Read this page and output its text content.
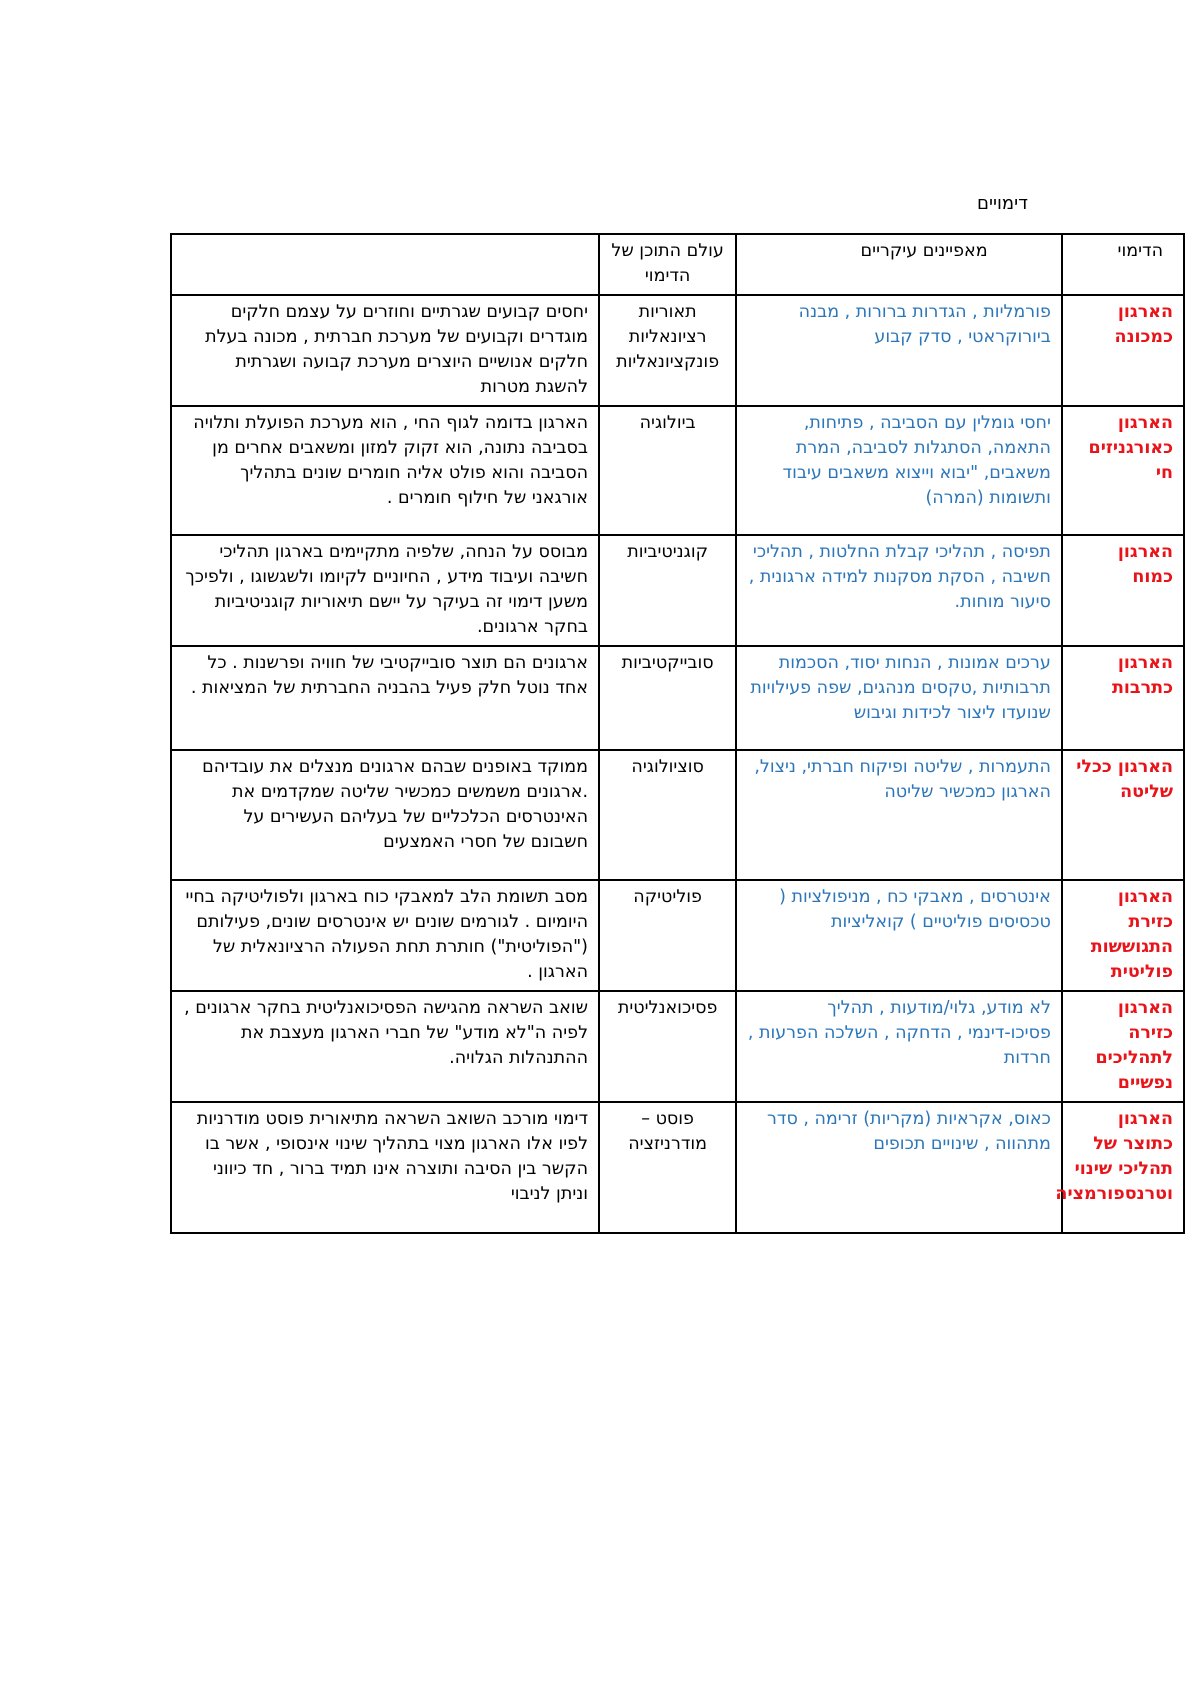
דימויים
הדימוי	מאפיינים עיקריים	עולם התוכן של הדימוי	
הארגון כמכונה	פורמליות , הגדרות ברורות , מבנה ביורוקראטי , סדק קבוע	תאוריות רציונאליות פונקציונאליות	יחסים קבועים שגרתיים וחוזרים על עצמם חלקים מוגדרים וקבועים של מערכת חברתית , מכונה בעלת חלקים אנושיים היוצרים מערכת קבועה ושגרתית להשגת מטרות
הארגון כאורגניזים חי	יחסי גומלין עם הסביבה , פתיחות, התאמה, הסתגלות לסביבה, המרת משאבים, "יבוא וייצוא משאבים עיבוד ותשומות (המרה)	ביולוגיה	הארגון בדומה לגוף החי , הוא מערכת הפועלת ותלויה בסביבה נתונה, הוא זקוק למזון ומשאבים אחרים מן הסביבה והוא פולט אליה חומרים שונים בתהליך אורגאני של חילוף חומרים .
הארגון כמוח	תפיסה , תהליכי קבלת החלטות , תהליכי חשיבה , הסקת מסקנות למידה ארגונית , סיעור מוחות.	קוגניטיביות	מבוסס על הנחה, שלפיה מתקיימים בארגון תהליכי חשיבה ועיבוד מידע , החיוניים לקיומו ולשגשוגו , ולפיכך משען דימוי זה בעיקר על יישם תיאוריות קוגניטיביות בחקר ארגונים.
הארגון כתרבות	ערכים אמונות , הנחות יסוד, הסכמות תרבותיות ,טקסים מנהגים, שפה פעילויות שנועדו ליצור לכידות וגיבוש	סובייקטיביות	ארגונים הם תוצר סובייקטיבי של חוויה ופרשנות . כל אחד נוטל חלק פעיל בהבניה החברתית של המציאות .
הארגון ככלי שליטה	התעמרות , שליטה ופיקוח חברתי, ניצול, הארגון כמכשיר שליטה	סוציולוגיה	ממוקד באופנים שבהם ארגונים מנצלים את עובדיהם .ארגונים משמשים כמכשיר שליטה שמקדמים את האינטרסים הכלכליים של בעליהם העשירים על חשבונם של חסרי האמצעים
הארגון כזירת התגוששות פוליטית	אינטרסים , מאבקי כח , מניפולציות ( טכסיסים פוליטיים ) קואליציות	פוליטיקה	מסב תשומת הלב למאבקי כוח בארגון ולפוליטיקה בחיי היומיום . לגורמים שונים יש אינטרסים שונים, פעילותם ("הפוליטית") חותרת תחת הפעולה הרציונאלית של הארגון .
הארגון כזירה לתהליכים נפשיים	לא מודע, גלוי/מודעות , תהליך פסיכו-דינמי , הדחקה , השלכה הפרעות , חרדות	פסיכואנליטית	שואב השראה מהגישה הפסיכואנליטית בחקר ארגונים , לפיה ה"לא מודע" של חברי הארגון מעצבת את ההתנהלות הגלויה.
הארגון כתוצר של תהליכי שינוי וטרנספורמציה	כאוס, אקראיות (מקריות) זרימה , סדר מתהווה , שינויים תכופים	פוסט – מודרניזציה	דימוי מורכב השואב השראה מתיאורית פוסט מודרניות לפיו אלו הארגון מצוי בתהליך שינוי אינסופי , אשר בו הקשר בין הסיבה ותוצרה אינו תמיד ברור , חד כיווני וניתן לניבוי
